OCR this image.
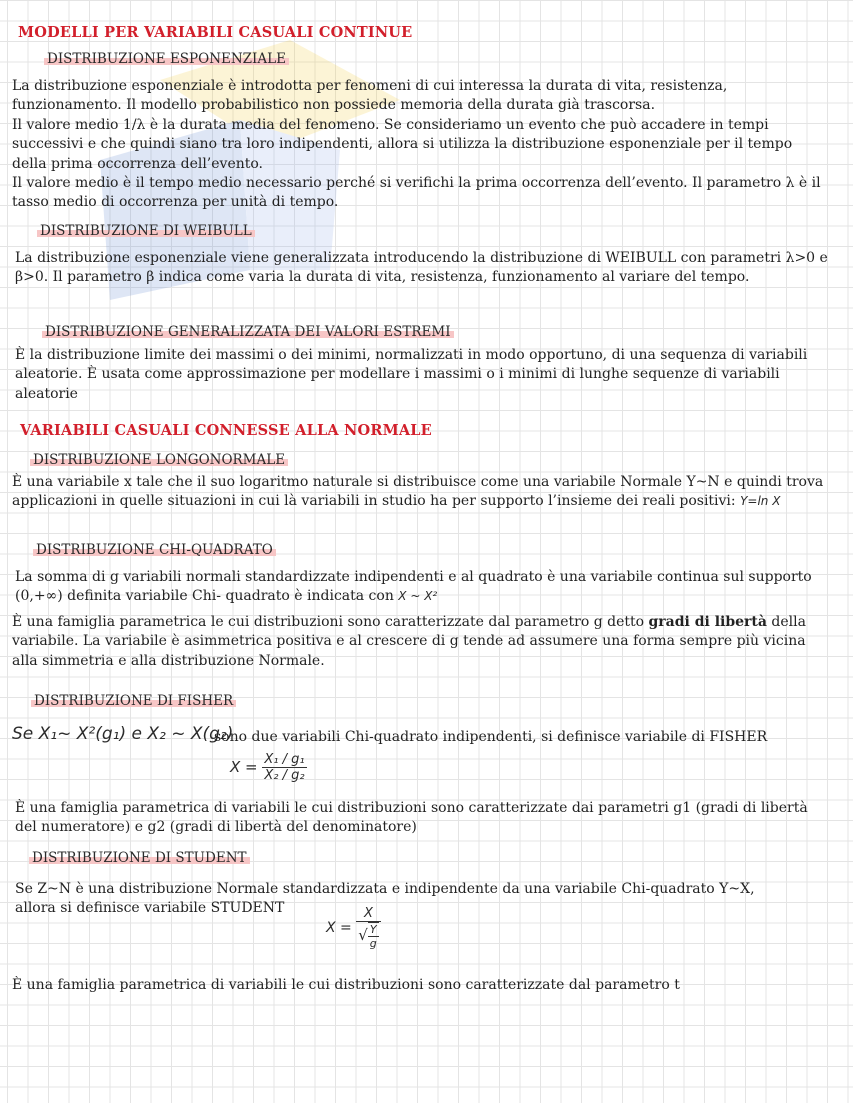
MODELLI PER VARIABILI CASUALI CONTINUE
DISTRIBUZIONE ESPONENZIALE
La distribuzione esponenziale è introdotta per fenomeni di cui interessa la durata di vita, resistenza, funzionamento. Il modello probabilistico non possiede memoria della durata già trascorsa.
Il valore medio 1/λ è la durata media del fenomeno. Se consideriamo un evento che può accadere in tempi successivi e che quindi siano tra loro indipendenti, allora si utilizza la distribuzione esponenziale per il tempo della prima occorrenza dell’evento.
Il valore medio è il tempo medio necessario perché si verifichi la prima occorrenza dell’evento. Il parametro λ è il tasso medio di occorrenza per unità di tempo.
DISTRIBUZIONE DI WEIBULL
La distribuzione esponenziale viene generalizzata introducendo la distribuzione di WEIBULL con parametri λ>0 e β>0. Il parametro β indica come varia la durata di vita, resistenza, funzionamento al variare del tempo.
DISTRIBUZIONE GENERALIZZATA DEI VALORI ESTREMI
È la distribuzione limite dei massimi o dei minimi, normalizzati in modo opportuno, di una sequenza di variabili aleatorie. È usata come approssimazione per modellare i massimi o i minimi di lunghe sequenze di variabili aleatorie
VARIABILI CASUALI CONNESSE ALLA NORMALE
DISTRIBUZIONE LONGONORMALE
È una variabile x tale che il suo logaritmo naturale si distribuisce come una variabile Normale Y~N e quindi trova applicazioni in quelle situazioni in cui là variabili in studio ha per supporto l’insieme dei reali positivi: Y=ln X
DISTRIBUZIONE CHI-QUADRATO
La somma di g variabili normali standardizzate indipendenti e al quadrato è una variabile continua sul supporto (0,+∞) definita variabile Chi- quadrato è indicata con X ~ X²
È una famiglia parametrica le cui distribuzioni sono caratterizzate dal parametro g detto gradi di libertà della variabile. La variabile è asimmetrica positiva e al crescere di g tende ad assumere una forma sempre più vicina alla simmetria e alla distribuzione Normale.
DISTRIBUZIONE DI FISHER
Se X₁~ X²(g₁) e X₂ ~ X(g₂)
sono due variabili Chi-quadrato indipendenti, si definisce variabile di FISHER
$X = \frac{\text{X₁ / g₁}}{\text{X₂ / g₂}}$
È una famiglia parametrica di variabili le cui distribuzioni sono caratterizzate dai parametri g1 (gradi di libertà del numeratore) e g2 (gradi di libertà del denominatore)
DISTRIBUZIONE DI STUDENT
Se Z~N è una distribuzione Normale standardizzata e indipendente da una variabile Chi-quadrato Y~X,
allora si definisce variabile STUDENT
$X = \frac{X}{√ \frac{Y}{g}}$
È una famiglia parametrica di variabili le cui distribuzioni sono caratterizzate dal parametro t
